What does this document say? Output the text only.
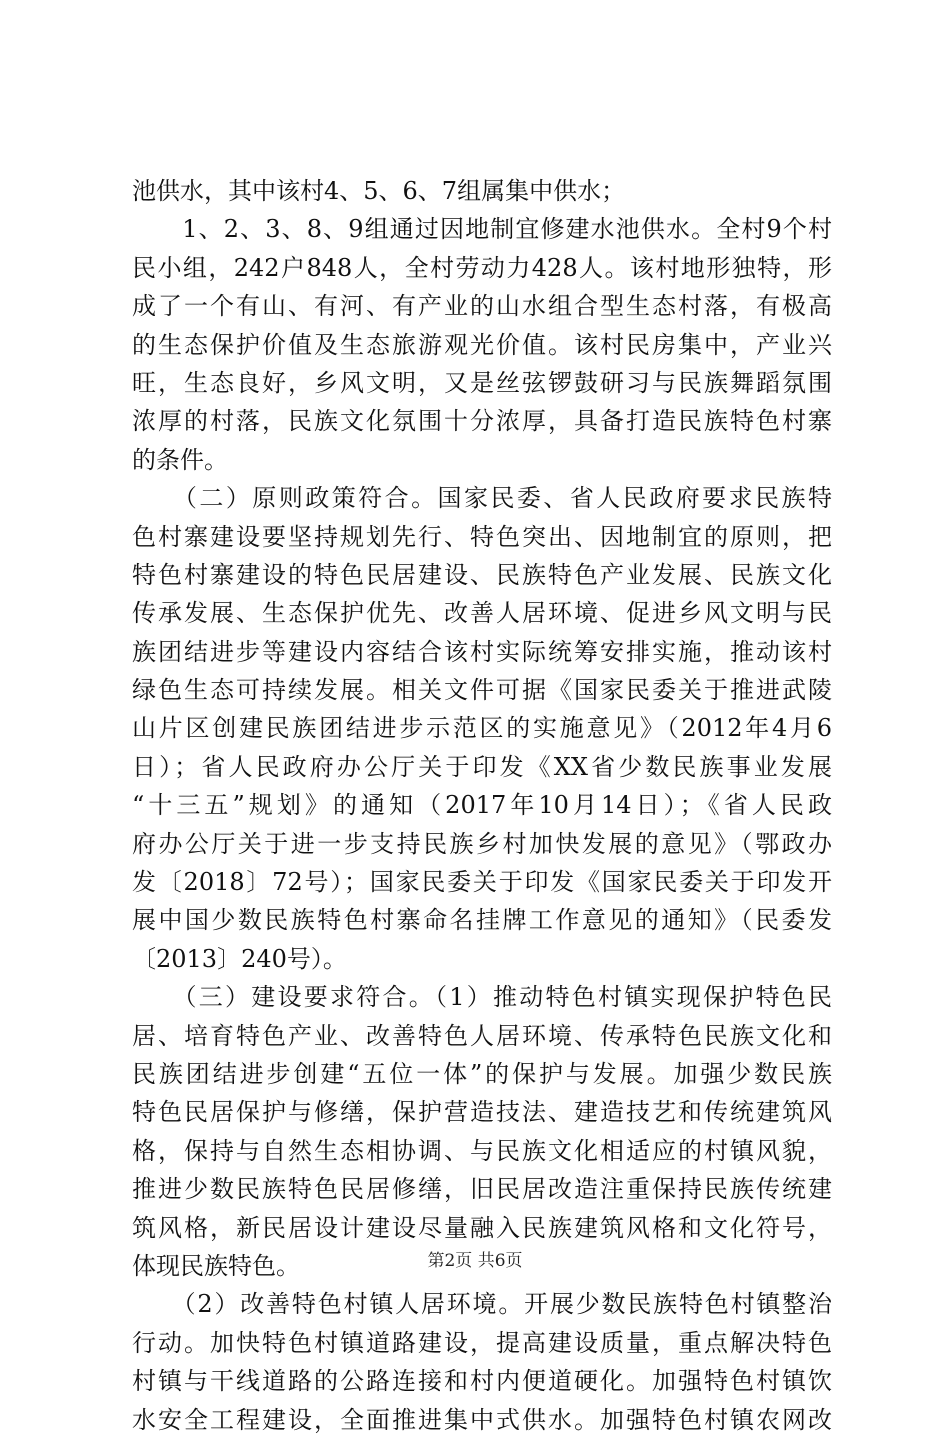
池供水，其中该村4、5、6、7组属集中供水；
　　1、2、3、8、9组通过因地制宜修建水池供水。全村9个村
民小组，242户848人，全村劳动力428人。该村地形独特，形
成了一个有山、有河、有产业的山水组合型生态村落，有极高
的生态保护价值及生态旅游观光价值。该村民房集中，产业兴
旺，生态良好，乡风文明，又是丝弦锣鼓研习与民族舞蹈氛围
浓厚的村落，民族文化氛围十分浓厚，具备打造民族特色村寨
的条件。
　　（二）原则政策符合。国家民委、省人民政府要求民族特
色村寨建设要坚持规划先行、特色突出、因地制宜的原则，把
特色村寨建设的特色民居建设、民族特色产业发展、民族文化
传承发展、生态保护优先、改善人居环境、促进乡风文明与民
族团结进步等建设内容结合该村实际统筹安排实施，推动该村
绿色生态可持续发展。相关文件可据《国家民委关于推进武陵
山片区创建民族团结进步示范区的实施意见》（2012年4月6
日）；省人民政府办公厅关于印发《XX省少数民族事业发展
“十三五”规划》的通知（2017年10月14日）；《省人民政
府办公厅关于进一步支持民族乡村加快发展的意见》（鄂政办
发〔2018〕72号）；国家民委关于印发《国家民委关于印发开
展中国少数民族特色村寨命名挂牌工作意见的通知》（民委发
〔2013〕240号）。
　　（三）建设要求符合。（1）推动特色村镇实现保护特色民
居、培育特色产业、改善特色人居环境、传承特色民族文化和
民族团结进步创建“五位一体”的保护与发展。加强少数民族
特色民居保护与修缮，保护营造技法、建造技艺和传统建筑风
格，保持与自然生态相协调、与民族文化相适应的村镇风貌，
推进少数民族特色民居修缮，旧民居改造注重保持民族传统建
筑风格，新民居设计建设尽量融入民族建筑风格和文化符号，
体现民族特色。
　　（2）改善特色村镇人居环境。开展少数民族特色村镇整治
行动。加快特色村镇道路建设，提高建设质量，重点解决特色
村镇与干线道路的公路连接和村内便道硬化。加强特色村镇饮
水安全工程建设，全面推进集中式供水。加强特色村镇农网改
第2页 共6页
